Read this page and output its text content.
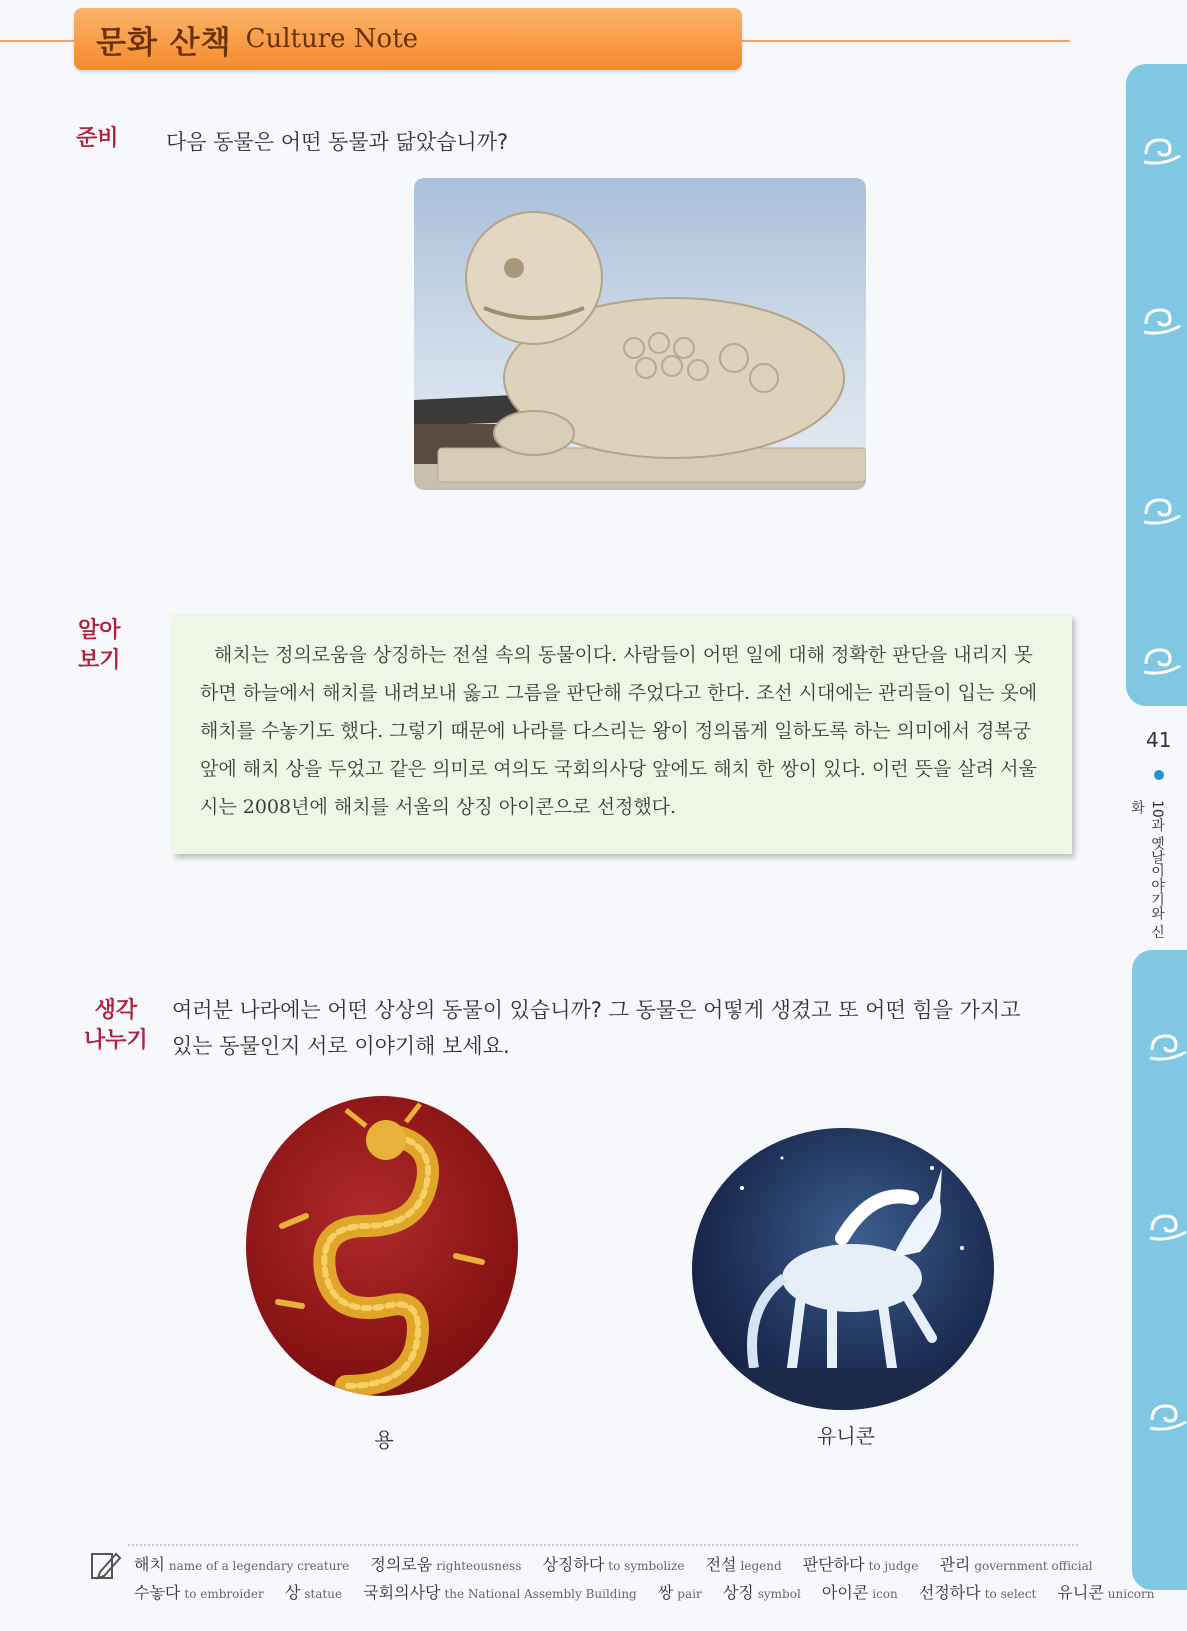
문화 산책 Culture Note
41
10과 옛날이야기와 신화
준비 다음 동물은 어떤 동물과 닮았습니까?
알아
보기	해치는 정의로움을 상징하는 전설 속의 동물이다. 사람들이 어떤 일에 대해 정확한 판단을 내리지 못하면 하늘에서 해치를 내려보내 옳고 그름을 판단해 주었다고 한다. 조선 시대에는 관리들이 입는 옷에 해치를 수놓기도 했다. 그렇기 때문에 나라를 다스리는 왕이 정의롭게 일하도록 하는 의미에서 경복궁 앞에 해치 상을 두었고 같은 의미로 여의도 국회의사당 앞에도 해치 한 쌍이 있다. 이런 뜻을 살려 서울시는 2008년에 해치를 서울의 상징 아이콘으로 선정했다.
생각
나누기
여러분 나라에는 어떤 상상의 동물이 있습니까? 그 동물은 어떻게 생겼고 또 어떤 힘을 가지고
있는 동물인지 서로 이야기해 보세요.
용	유니콘
해치 name of a legendary creature 정의로움 righteousness 상징하다 to symbolize 전설 legend 판단하다 to judge 관리 government official
수놓다 to embroider 상 statue 국회의사당 the National Assembly Building 쌍 pair 상징 symbol 아이콘 icon 선정하다 to select 유니콘 unicorn
